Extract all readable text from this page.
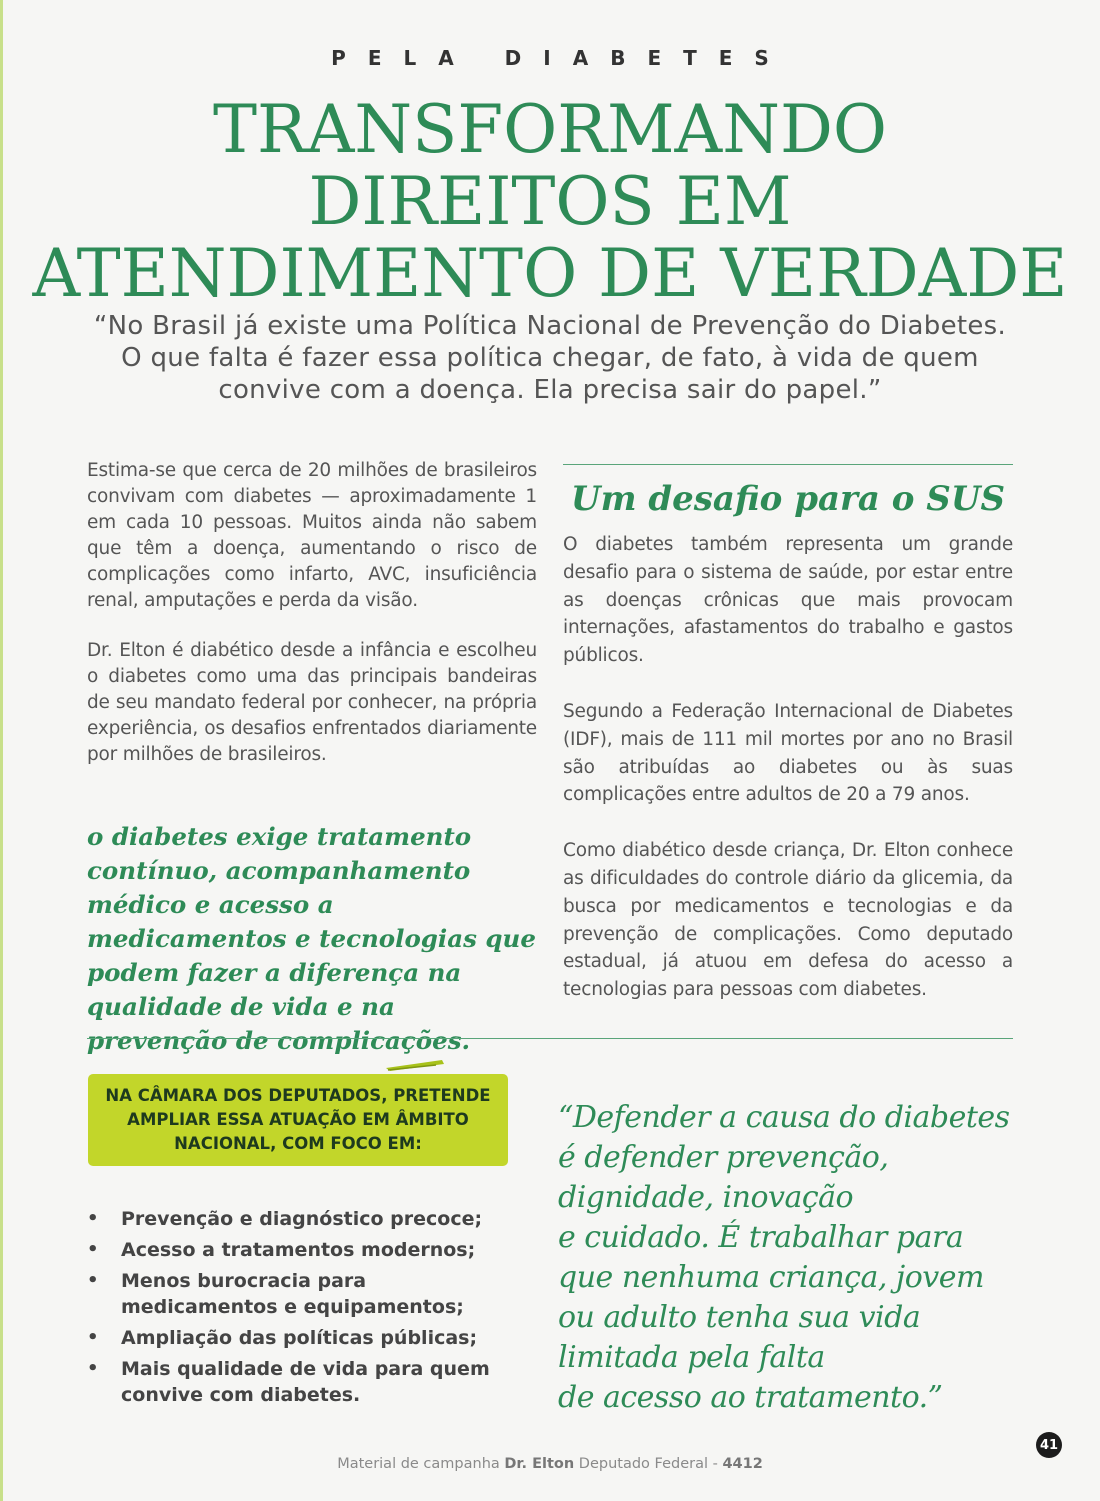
PELA DIABETES
TRANSFORMANDO
DIREITOS EM
ATENDIMENTO DE VERDADE
“No Brasil já existe uma Política Nacional de Prevenção do Diabetes. O que falta é fazer essa política chegar, de fato, à vida de quem convive com a doença. Ela precisa sair do papel.”

Estima-se que cerca de 20 milhões de brasileiros convivam com diabetes — aproximadamente 1 em cada 10 pessoas. Muitos ainda não sabem que têm a doença, aumentando o risco de complicações como infarto, AVC, insuficiência renal, amputações e perda da visão.

Dr. Elton é diabético desde a infância e escolheu o diabetes como uma das principais bandeiras de seu mandato federal por conhecer, na própria experiência, os desafios enfrentados diariamente por milhões de brasileiros.

o diabetes exige tratamento contínuo, acompanhamento médico e acesso a medicamentos e tecnologias que podem fazer a diferença na qualidade de vida e na prevenção de complicações.

Um desafio para o SUS

O diabetes também representa um grande desafio para o sistema de saúde, por estar entre as doenças crônicas que mais provocam internações, afastamentos do trabalho e gastos públicos.

Segundo a Federação Internacional de Diabetes (IDF), mais de 111 mil mortes por ano no Brasil são atribuídas ao diabetes ou às suas complicações entre adultos de 20 a 79 anos.

Como diabético desde criança, Dr. Elton conhece as dificuldades do controle diário da glicemia, da busca por medicamentos e tecnologias e da prevenção de complicações. Como deputado estadual, já atuou em defesa do acesso a tecnologias para pessoas com diabetes.

NA CÂMARA DOS DEPUTADOS, PRETENDE AMPLIAR ESSA ATUAÇÃO EM ÂMBITO NACIONAL, COM FOCO EM:
• Prevenção e diagnóstico precoce;
• Acesso a tratamentos modernos;
• Menos burocracia para medicamentos e equipamentos;
• Ampliação das políticas públicas;
• Mais qualidade de vida para quem convive com diabetes.
“Defender a causa do diabetes
é defender prevenção,
dignidade, inovação
e cuidado. É trabalhar para
que nenhuma criança, jovem
ou adulto tenha sua vida
limitada pela falta
de acesso ao tratamento.”
41
Material de campanha Dr. Elton Deputado Federal - 4412
